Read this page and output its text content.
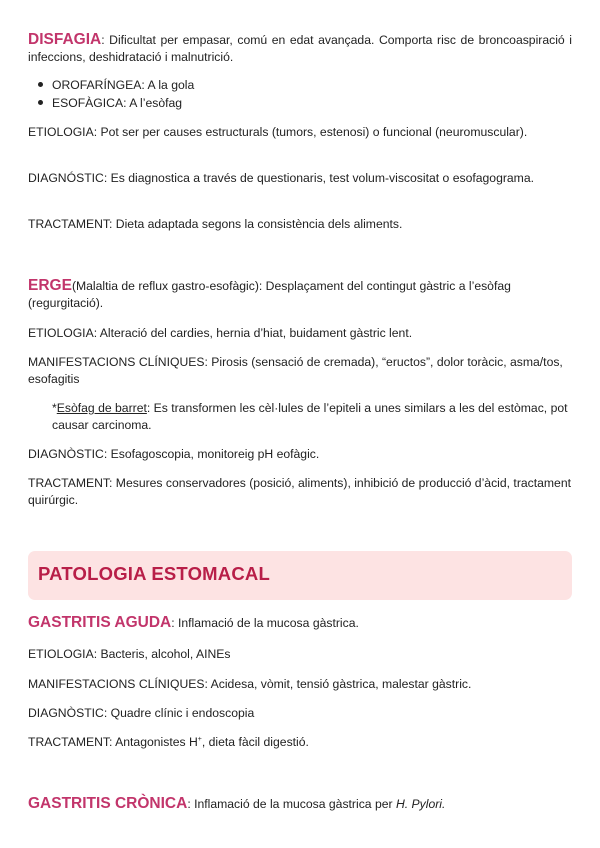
DISFAGIA: Dificultat per empasar, comú en edat avançada. Comporta risc de broncoaspiració i infeccions, deshidratació i malnutrició.

OROFARÍNGEA: A la gola
ESOFÀGICA: A l’esòfag

ETIOLOGIA: Pot ser per causes estructurals (tumors, estenosi) o funcional (neuromuscular).

DIAGNÓSTIC: Es diagnostica a través de questionaris, test volum-viscositat o esofagograma.

TRACTAMENT: Dieta adaptada segons la consistència dels aliments.

ERGE(Malaltia de reflux gastro-esofàgic): Desplaçament del contingut gàstric a l’esòfag (regurgitació).

ETIOLOGIA: Alteració del cardies, hernia d’hiat, buidament gàstric lent.

MANIFESTACIONS CLÍNIQUES: Pirosis (sensació de cremada), “eructos”, dolor toràcic, asma/tos, esofagitis

*Esòfag de barret: Es transformen les cèl·lules de l’epiteli a unes similars a les del estòmac, pot causar carcinoma.

DIAGNÒSTIC: Esofagoscopia, monitoreig pH eofàgic.

TRACTAMENT: Mesures conservadores (posició, aliments), inhibició de producció d’àcid, tractament quirúrgic.

PATOLOGIA ESTOMACAL

GASTRITIS AGUDA: Inflamació de la mucosa gàstrica.

ETIOLOGIA: Bacteris, alcohol, AINEs

MANIFESTACIONS CLÍNIQUES: Acidesa, vòmit, tensió gàstrica, malestar gàstric.

DIAGNÒSTIC: Quadre clínic i endoscopia

TRACTAMENT: Antagonistes H+, dieta fàcil digestió.

GASTRITIS CRÒNICA: Inflamació de la mucosa gàstrica per H. Pylori.
